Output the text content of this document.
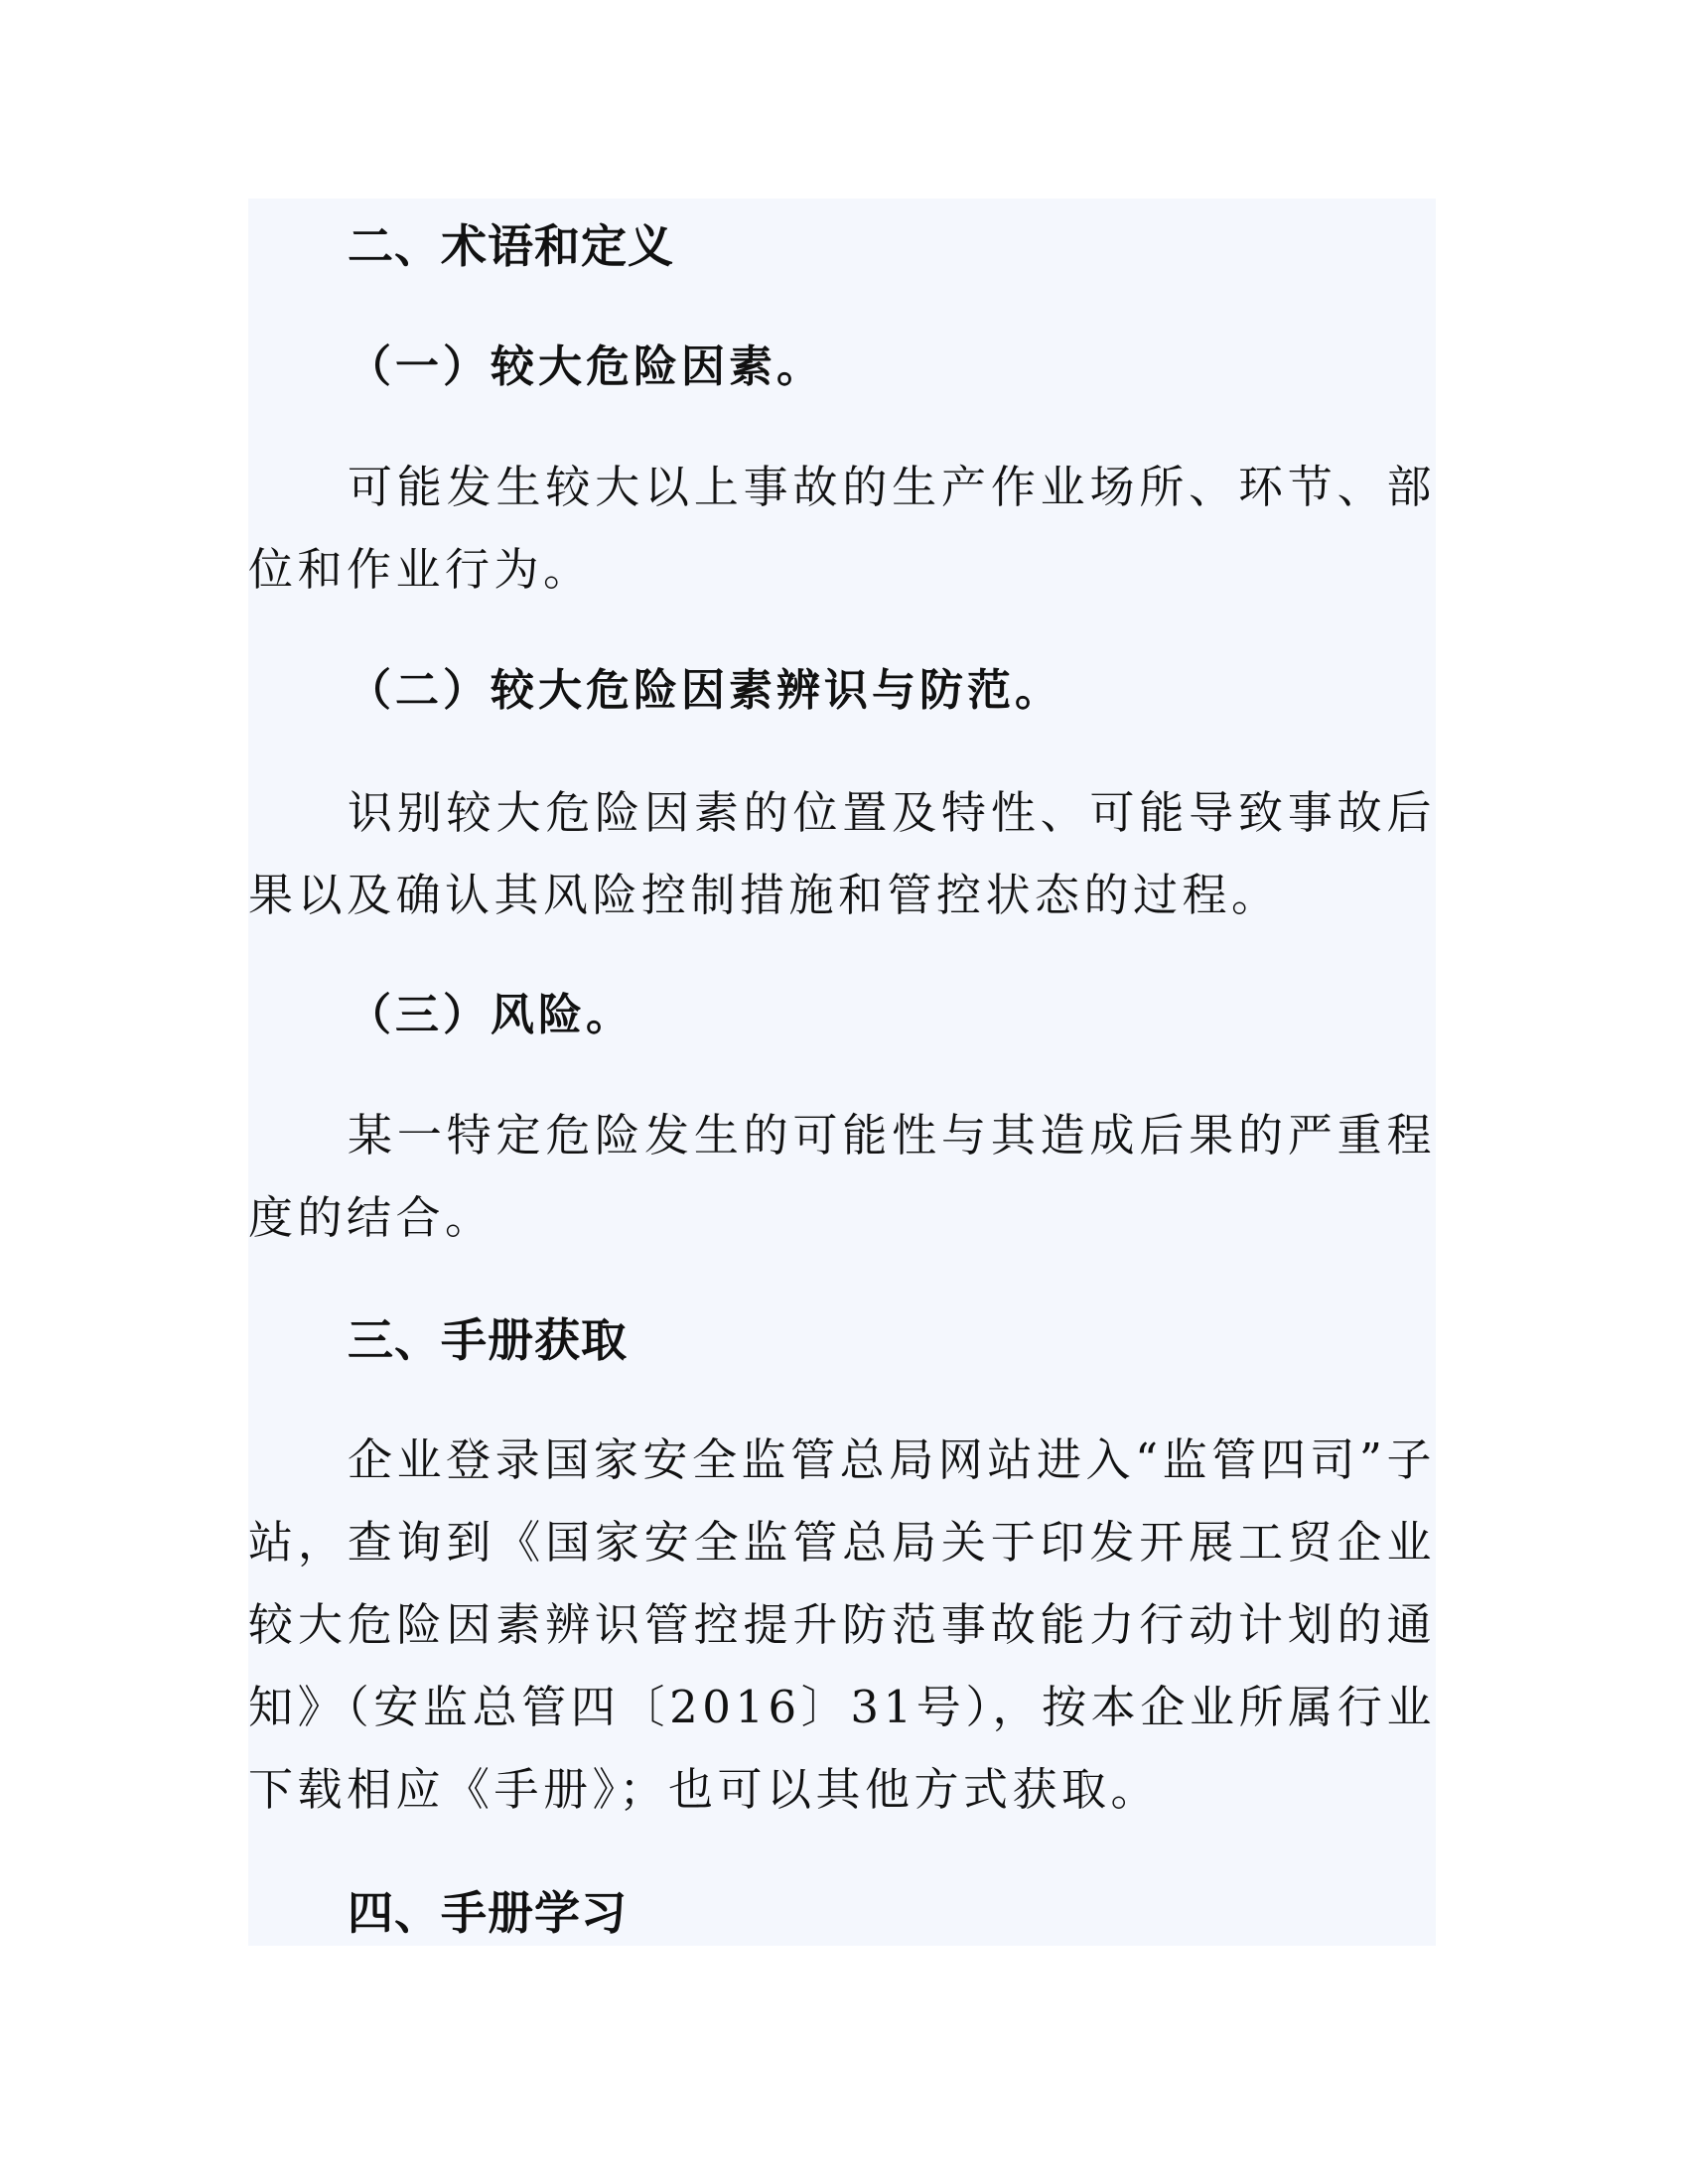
二、术语和定义
（一）较大危险因素。

可能发生较大以上事故的生产作业场所、环节、部位和作业行为。

（二）较大危险因素辨识与防范。

识别较大危险因素的位置及特性、可能导致事故后果以及确认其风险控制措施和管控状态的过程。

（三）风险。

某一特定危险发生的可能性与其造成后果的严重程度的结合。

三、手册获取

企业登录国家安全监管总局网站进入“监管四司”子站，查询到《国家安全监管总局关于印发开展工贸企业较大危险因素辨识管控提升防范事故能力行动计划的通知》（安监总管四〔2016〕31号），按本企业所属行业下载相应《手册》；也可以其他方式获取。

四、手册学习
